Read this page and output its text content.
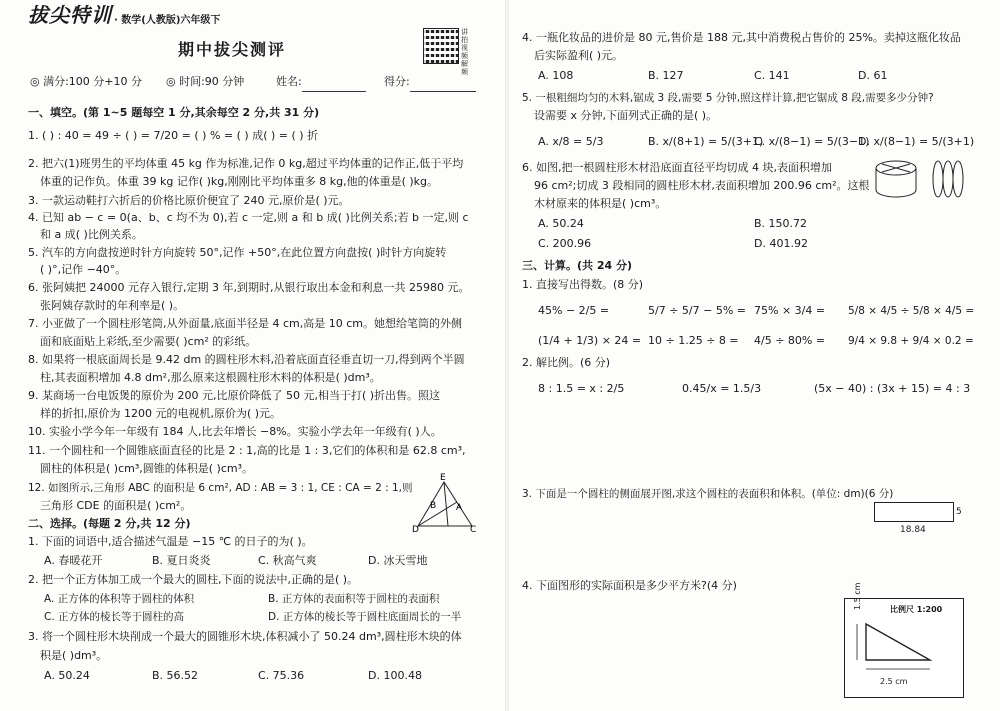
拔尖特训 · 数学(人教版)六年级下
期中拔尖测评
讲拍视频解频
◎ 满分:100 分+10 分 ◎ 时间:90 分钟	姓名:	得分:
一、填空。(第 1~5 题每空 1 分,其余每空 2 分,共 31 分)
1. ( ) : 40 = 49 ÷ ( ) = 7/20 = ( ) % = ( ) 成( ) = ( ) 折
2. 把六(1)班男生的平均体重 45 kg 作为标准,记作 0 kg,超过平均体重的记作正,低于平均
体重的记作负。体重 39 kg 记作( )kg,刚刚比平均体重多 8 kg,他的体重是( )kg。
3. 一款运动鞋打六折后的价格比原价便宜了 240 元,原价是( )元。
4. 已知 ab − c = 0(a、b、c 均不为 0),若 c 一定,则 a 和 b 成( )比例关系;若 b 一定,则 c
和 a 成( )比例关系。
5. 汽车的方向盘按逆时针方向旋转 50°,记作 +50°,在此位置方向盘按( )时针方向旋转
( )°,记作 −40°。
6. 张阿姨把 24000 元存入银行,定期 3 年,到期时,从银行取出本金和利息一共 25980 元。
张阿姨存款时的年利率是( )。
7. 小亚做了一个圆柱形笔筒,从外面量,底面半径是 4 cm,高是 10 cm。她想给笔筒的外侧
面和底面贴上彩纸,至少需要( )cm² 的彩纸。
8. 如果将一根底面周长是 9.42 dm 的圆柱形木料,沿着底面直径垂直切一刀,得到两个半圆
柱,其表面积增加 4.8 dm²,那么原来这根圆柱形木料的体积是( )dm³。
9. 某商场一台电饭煲的原价为 200 元,比原价降低了 50 元,相当于打( )折出售。照这
样的折扣,原价为 1200 元的电视机,原价为( )元。
10. 实验小学今年一年级有 184 人,比去年增长 −8%。实验小学去年一年级有( )人。
11. 一个圆柱和一个圆锥底面直径的比是 2 : 1,高的比是 1 : 3,它们的体积和是 62.8 cm³,
圆柱的体积是( )cm³,圆锥的体积是( )cm³。
12. 如图所示,三角形 ABC 的面积是 6 cm², AD : AB = 3 : 1, CE : CA = 2 : 1,则
三角形 CDE 的面积是( )cm²。
E
B A
D	C
二、选择。(每题 2 分,共 12 分)
1. 下面的词语中,适合描述气温是 −15 ℃ 的日子的为( )。
A. 春暖花开	B. 夏日炎炎	C. 秋高气爽	D. 冰天雪地
2. 把一个正方体加工成一个最大的圆柱,下面的说法中,正确的是( )。
A. 正方体的体积等于圆柱的体积	B. 正方体的表面积等于圆柱的表面积
C. 正方体的棱长等于圆柱的高	D. 正方体的棱长等于圆柱底面周长的一半
3. 将一个圆柱形木块削成一个最大的圆锥形木块,体积减小了 50.24 dm³,圆柱形木块的体
积是( )dm³。
A. 50.24	B. 56.52	C. 75.36	D. 100.48
4. 一瓶化妆品的进价是 80 元,售价是 188 元,其中消费税占售价的 25%。卖掉这瓶化妆品
后实际盈利( )元。
A. 108	B. 127	C. 141	D. 61
5. 一根粗细均匀的木料,锯成 3 段,需要 5 分钟,照这样计算,把它锯成 8 段,需要多少分钟?
设需要 x 分钟,下面列式正确的是( )。
A. x/8 = 5/3	B. x/(8+1) = 5/(3+1)
C. x/(8−1) = 5/(3−1)
D. x/(8−1) = 5/(3+1)
6. 如图,把一根圆柱形木材沿底面直径平均切成 4 块,表面积增加
96 cm²;切成 3 段相同的圆柱形木材,表面积增加 200.96 cm²。这根
木材原来的体积是( )cm³。
A. 50.24	B. 150.72
C. 200.96	D. 401.92
三、计算。(共 24 分)
1. 直接写出得数。(8 分)
45% − 2/5 =	5/7 ÷ 5/7 − 5% = 75% × 3/4 = 5/8 × 4/5 ÷ 5/8 × 4/5 =
(1/4 + 1/3) × 24 = 10 ÷ 1.25 ÷ 8 = 4/5 ÷ 80% = 9/4 × 9.8 + 9/4 × 0.2 =
2. 解比例。(6 分)
8 : 1.5 = x : 2/5	0.45/x = 1.5/3	(5x − 40) : (3x + 15) = 4 : 3
3. 下面是一个圆柱的侧面展开图,求这个圆柱的表面积和体积。(单位: dm)(6 分)
5
18.84
4. 下面图形的实际面积是多少平方米?(4 分)
比例尺 1:200
1.5 cm
2.5 cm
